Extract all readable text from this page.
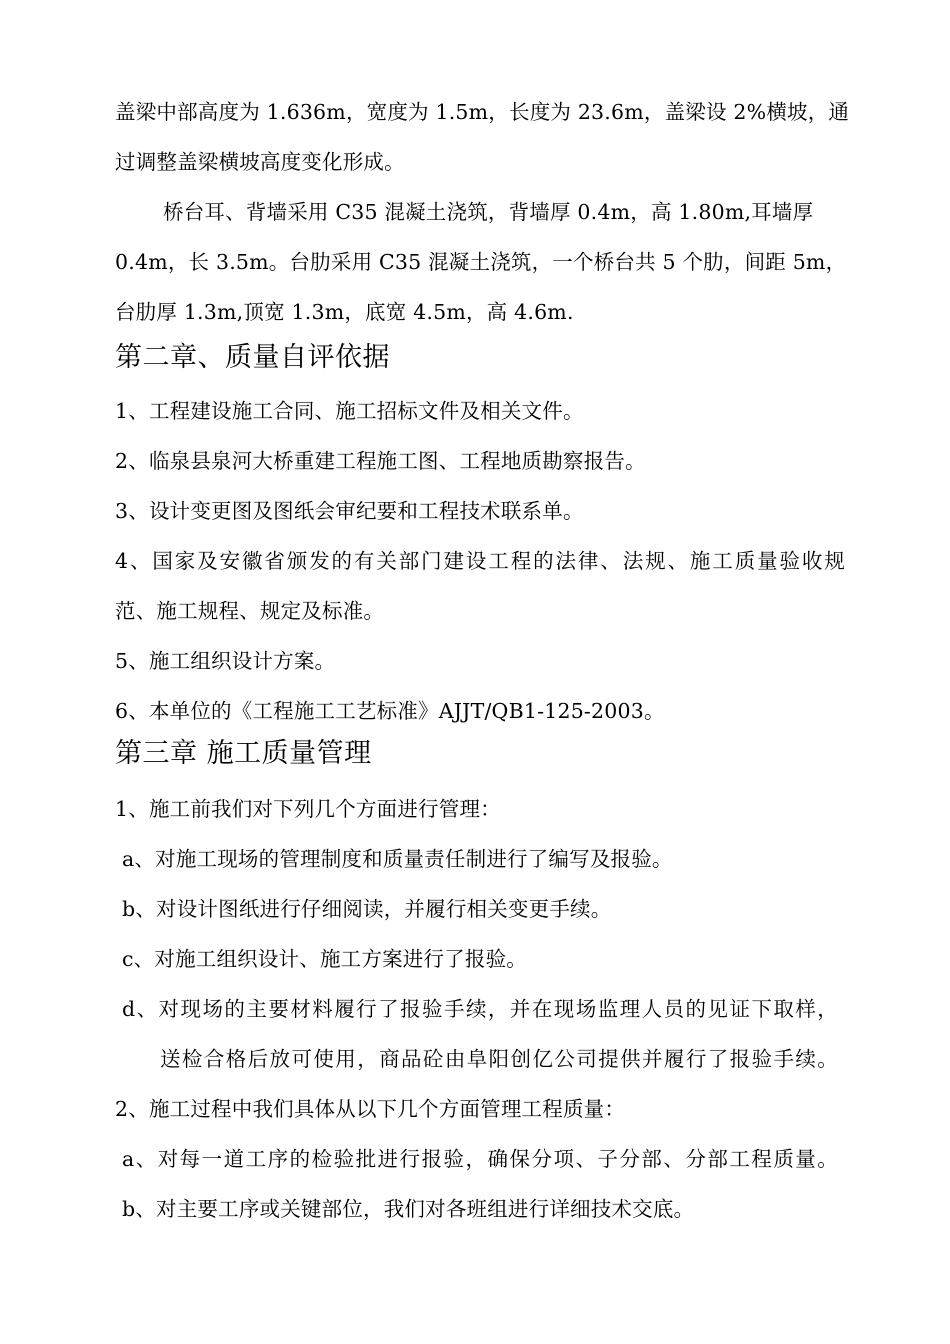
盖梁中部高度为 1.636m，宽度为 1.5m，长度为 23.6m，盖梁设 2%横坡，通
过调整盖梁横坡高度变化形成。
桥台耳、背墙采用 C35 混凝土浇筑，背墙厚 0.4m，高 1.80m,耳墙厚
0.4m，长 3.5m。台肋采用 C35 混凝土浇筑，一个桥台共 5 个肋，间距 5m，
台肋厚 1.3m,顶宽 1.3m，底宽 4.5m，高 4.6m.
第二章、质量自评依据
1、工程建设施工合同、施工招标文件及相关文件。
2、临泉县泉河大桥重建工程施工图、工程地质勘察报告。
3、设计变更图及图纸会审纪要和工程技术联系单。
4、国家及安徽省颁发的有关部门建设工程的法律、法规、施工质量验收规
范、施工规程、规定及标准。
5、施工组织设计方案。
6、本单位的《工程施工工艺标准》AJJT/QB1-125-2003。
第三章 施工质量管理
1、施工前我们对下列几个方面进行管理：
a、对施工现场的管理制度和质量责任制进行了编写及报验。
b、对设计图纸进行仔细阅读，并履行相关变更手续。
c、对施工组织设计、施工方案进行了报验。
d、对现场的主要材料履行了报验手续，并在现场监理人员的见证下取样，
送检合格后放可使用，商品砼由阜阳创亿公司提供并履行了报验手续。
2、施工过程中我们具体从以下几个方面管理工程质量：
a、对每一道工序的检验批进行报验，确保分项、子分部、分部工程质量。
b、对主要工序或关键部位，我们对各班组进行详细技术交底。
